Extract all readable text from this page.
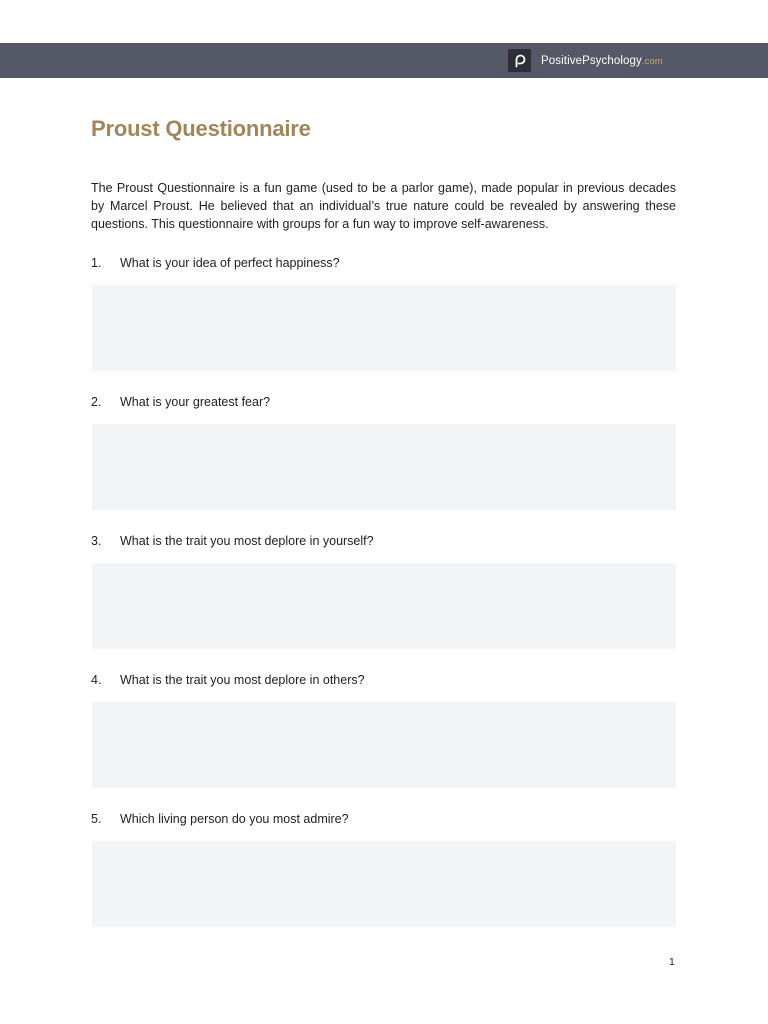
PositivePsychology.com
Proust Questionnaire

The Proust Questionnaire is a fun game (used to be a parlor game), made popular in previous decades by Marcel Proust. He believed that an individual’s true nature could be revealed by answering these questions. This questionnaire with groups for a fun way to improve self-awareness.

1.	What is your idea of perfect happiness?
2.	What is your greatest fear?
3.	What is the trait you most deplore in yourself?
4.	What is the trait you most deplore in others?
5.	Which living person do you most admire?
1
